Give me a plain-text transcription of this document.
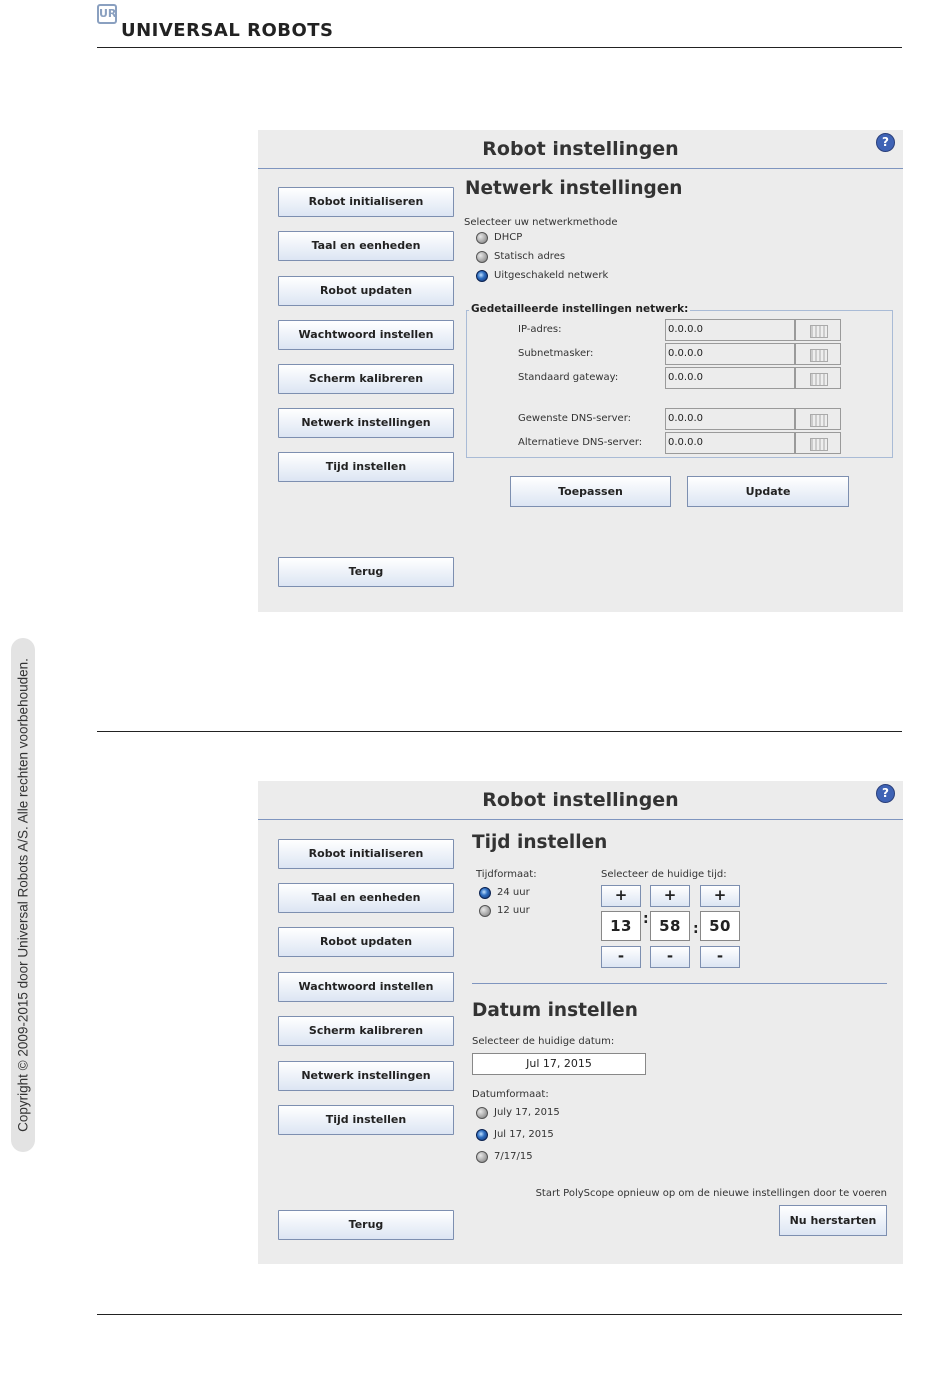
UR
UNIVERSAL ROBOTS
Copyright © 2009-2015 door Universal Robots A/S. Alle rechten voorbehouden.
Robot instellingen	?
Robot initialiseren
Taal en eenheden
Robot updaten
Wachtwoord instellen
Scherm kalibreren
Netwerk instellingen
Tijd instellen
Terug
Netwerk instellingen
Selecteer uw netwerkmethode
DHCP
Statisch adres
Uitgeschakeld netwerk
Gedetailleerde instellingen netwerk:
IP-adres:	0.0.0.0
Subnetmasker:	0.0.0.0
Standaard gateway:	0.0.0.0
Gewenste DNS-server:	0.0.0.0
Alternatieve DNS-server:	0.0.0.0
Toepassen	Update
Robot instellingen	?
Robot initialiseren
Taal en eenheden
Robot updaten
Wachtwoord instellen
Scherm kalibreren
Netwerk instellingen
Tijd instellen
Terug
Tijd instellen
Tijdformaat:
24 uur
12 uur
Selecteer de huidige tijd:
+	+	+
13 : 58 : 50
-	-	-
Datum instellen
Selecteer de huidige datum:
Jul 17, 2015
Datumformaat:
July 17, 2015
Jul 17, 2015
7/17/15
Start PolyScope opnieuw op om de nieuwe instellingen door te voeren
Nu herstarten
